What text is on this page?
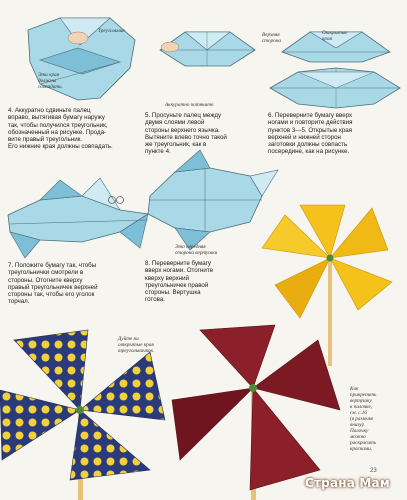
4. Аккуратно сдвиньте палец
вправо, вытягивая бумагу наружу
так, чтобы получился треугольник,
обозначенный на рисунке. Прода-
вите правый треугольник.
Его нижние края должны совпадать.
5. Просуньте палец между
двумя слоями левой
стороны верхнего язычка.
Вытяните влево точно такой
же треугольник, как в
пункте 4.
6. Переверните бумагу вверх
ногами и повторите действия
пунктов 3—5. Открытые края
верхней и нижней сторон
заготовки должны совпасть
посередине, как на рисунке.
7. Положите бумагу так, чтобы
треугольнички смотрели в
стороны. Отогните кверху
правый треугольничек верхней
стороны так, чтобы его уголок
торчал.
8. Переверните бумагу
вверх ногами. Отогните
кверху верхний
треугольничек правой
стороны. Вертушка
готова.
Треугольник
Эти края
должны
совпадать.
Аккуратно потяните.
Верхняя
сторона
Открытые
края
Это передняя
сторона вертушки
Дуйте на
открытые края
треугольничков.
Как
прикрепить
вертушку
к палочке,
см. с.16
(в рамочке
внизу).
Палочку
можно
раскрасить
красками.
23
Страна Мам
